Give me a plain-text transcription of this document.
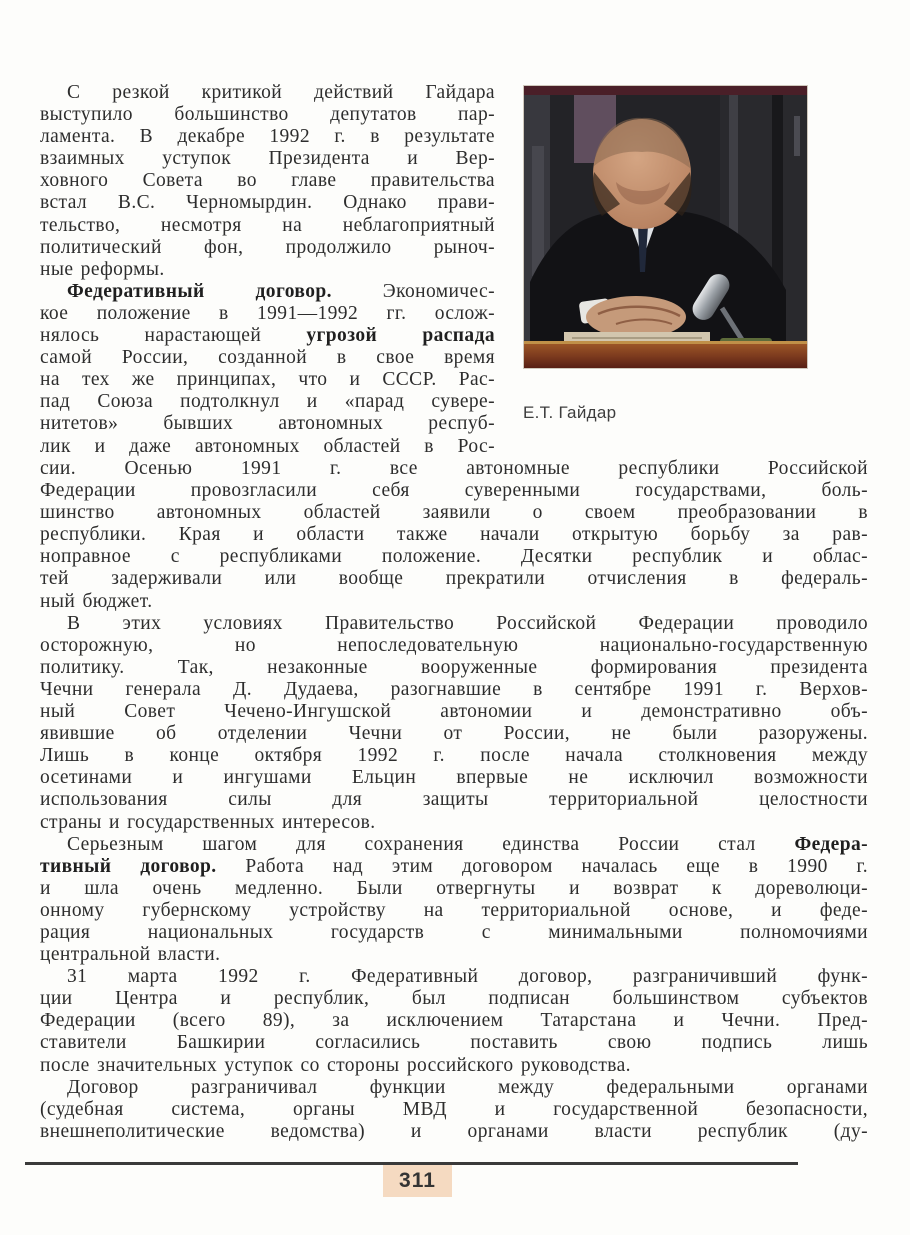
С резкой критикой действий Гайдара
выступило большинство депутатов пар-
ламента. В декабре 1992 г. в результате
взаимных уступок Президента и Вер-
ховного Совета во главе правительства
встал В.С. Черномырдин. Однако прави-
тельство, несмотря на неблагоприятный
политический фон, продолжило рыноч-
ные реформы.
Федеративный договор. Экономичес-
кое положение в 1991—1992 гг. ослож-
нялось нарастающей угрозой распада
самой России, созданной в свое время
на тех же принципах, что и СССР. Рас-
пад Союза подтолкнул и «парад сувере-
нитетов» бывших автономных респуб-
лик и даже автономных областей в Рос-
Е.Т. Гайдар
сии. Осенью 1991 г. все автономные республики Российской
Федерации провозгласили себя суверенными государствами, боль-
шинство автономных областей заявили о своем преобразовании в
республики. Края и области также начали открытую борьбу за рав-
ноправное с республиками положение. Десятки республик и облас-
тей задерживали или вообще прекратили отчисления в федераль-
ный бюджет.
В этих условиях Правительство Российской Федерации проводило
осторожную, но непоследовательную национально-государственную
политику. Так, незаконные вооруженные формирования президента
Чечни генерала Д. Дудаева, разогнавшие в сентябре 1991 г. Верхов-
ный Совет Чечено-Ингушской автономии и демонстративно объ-
явившие об отделении Чечни от России, не были разоружены.
Лишь в конце октября 1992 г. после начала столкновения между
осетинами и ингушами Ельцин впервые не исключил возможности
использования силы для защиты территориальной целостности
страны и государственных интересов.
Серьезным шагом для сохранения единства России стал Федера-
тивный договор. Работа над этим договором началась еще в 1990 г.
и шла очень медленно. Были отвергнуты и возврат к дореволюци-
онному губернскому устройству на территориальной основе, и феде-
рация национальных государств с минимальными полномочиями
центральной власти.
31 марта 1992 г. Федеративный договор, разграничивший функ-
ции Центра и республик, был подписан большинством субъектов
Федерации (всего 89), за исключением Татарстана и Чечни. Пред-
ставители Башкирии согласились поставить свою подпись лишь
после значительных уступок со стороны российского руководства.
Договор разграничивал функции между федеральными органами
(судебная система, органы МВД и государственной безопасности,
внешнеполитические ведомства) и органами власти республик (ду-
311
